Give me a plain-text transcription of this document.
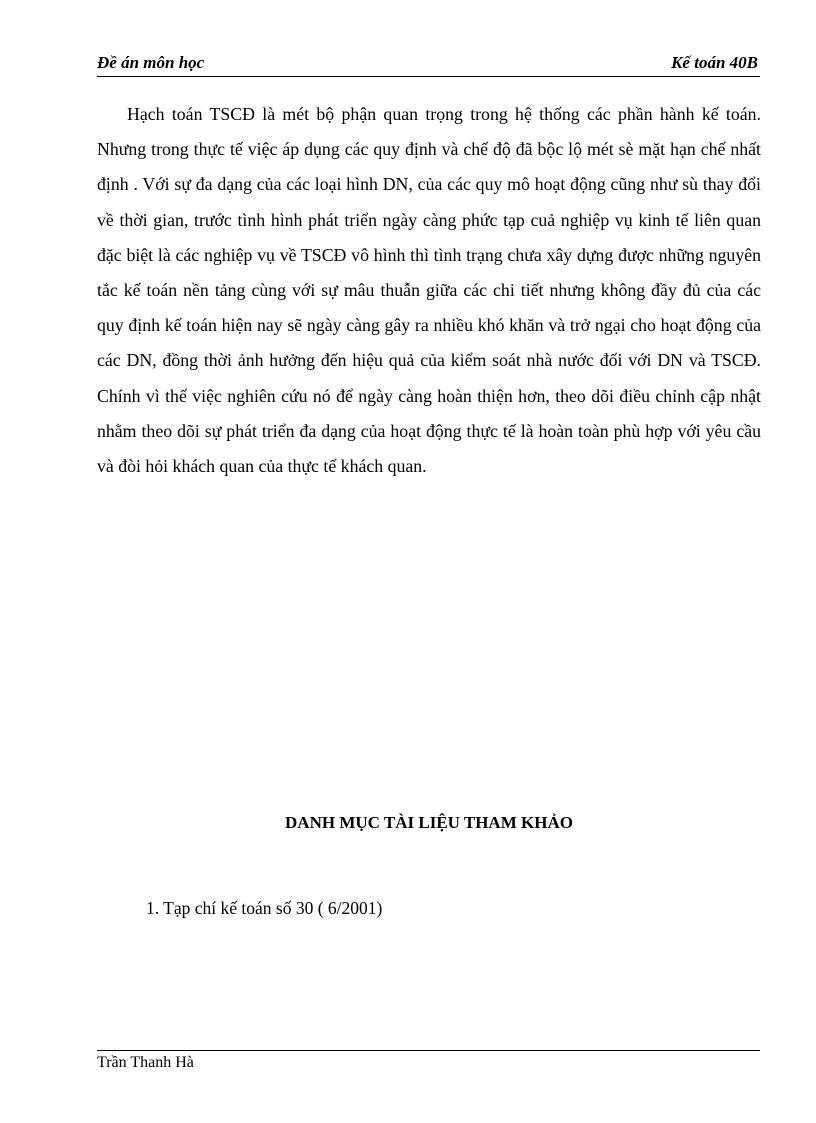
Đề án môn học	Kế toán 40B

Hạch toán TSCĐ là mét bộ phận quan trọng trong hệ thống các phần hành kế toán. Nhưng trong thực tế việc áp dụng các quy định và chế độ đã bộc lộ mét sè mặt hạn chế nhất định . Với sự đa dạng của các loại hình DN, của các quy mô hoạt động cũng như sù thay đổi về thời gian, trước tình hình phát triển ngày càng phức tạp cuả nghiệp vụ kinh tế liên quan đặc biệt là các nghiệp vụ về TSCĐ vô hình thì tình trạng chưa xây dựng được những nguyên tắc kế toán nền tảng cùng với sự mâu thuẫn giữa các chi tiết nhưng không đầy đủ của các quy định kế toán hiện nay sẽ ngày càng gây ra nhiều khó khăn và trở ngại cho hoạt động của các DN, đồng thời ảnh hưởng đến hiệu quả của kiểm soát nhà nước đối với DN và TSCĐ. Chính vì thế việc nghiên cứu nó để ngày càng hoàn thiện hơn, theo dõi điều chỉnh cập nhật nhằm theo dõi sự phát triển đa dạng của hoạt động thực tế là hoàn toàn phù hợp với yêu cầu và đòi hỏi khách quan của thực tế khách quan.

DANH MỤC TÀI LIỆU THAM KHẢO
1. Tạp chí kế toán số 30 ( 6/2001)
Trần Thanh Hà
